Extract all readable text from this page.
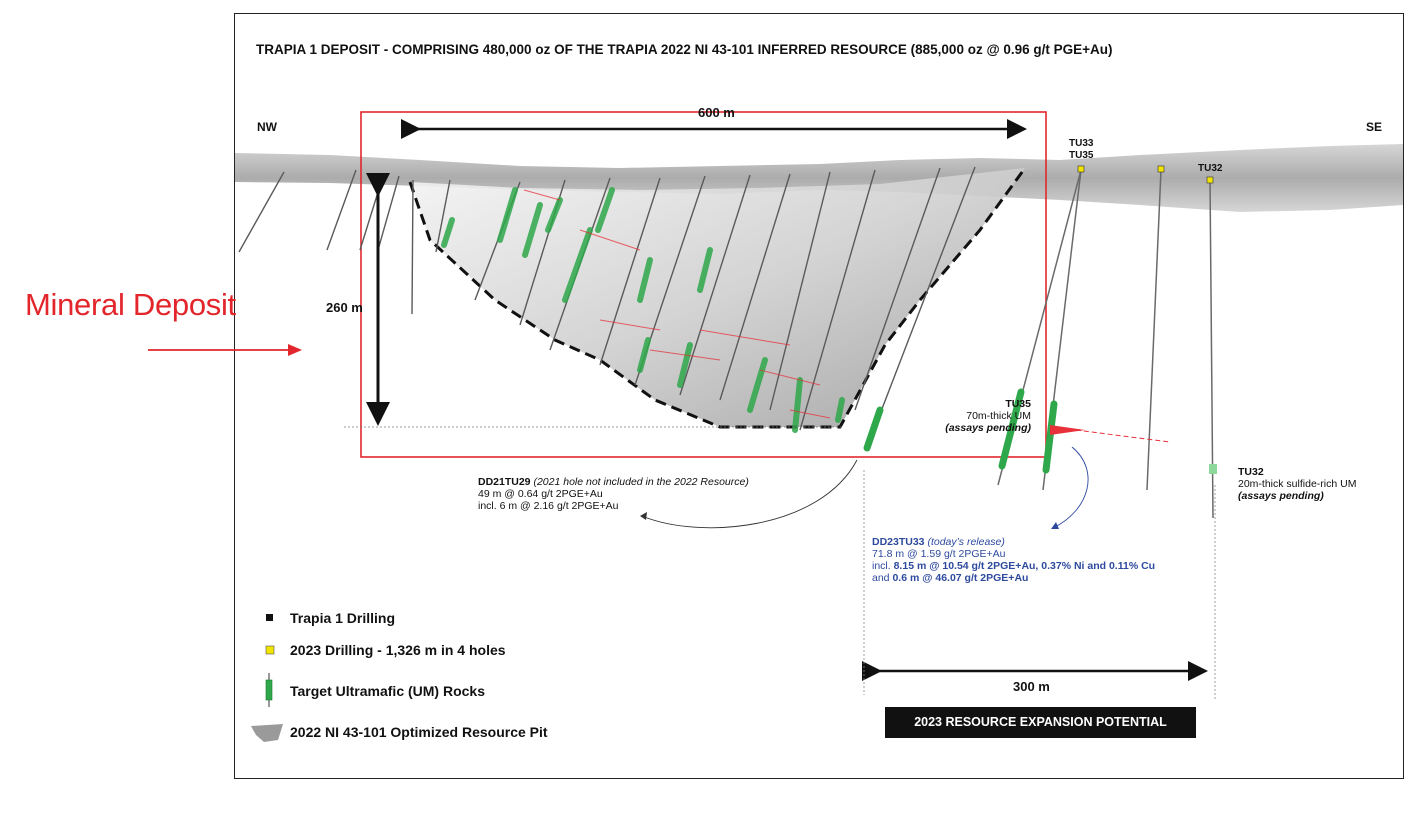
TRAPIA 1 DEPOSIT - COMPRISING 480,000 oz OF THE TRAPIA 2022 NI 43-101 INFERRED RESOURCE (885,000 oz @ 0.96 g/t PGE+Au)
NW	SE
Mineral Deposit
600 m
260 m
300 m
TU33
TU35
TU32
TU35
70m-thick UM
(assays pending)
TU32
20m-thick sulfide-rich UM
(assays pending)
DD21TU29 (2021 hole not included in the 2022 Resource)
49 m @ 0.64 g/t 2PGE+Au
incl. 6 m @ 2.16 g/t 2PGE+Au
DD23TU33 (today’s release)
71.8 m @ 1.59 g/t 2PGE+Au
incl. 8.15 m @ 10.54 g/t 2PGE+Au, 0.37% Ni and 0.11% Cu
and 0.6 m @ 46.07 g/t 2PGE+Au
Trapia 1 Drilling
2023 Drilling - 1,326 m in 4 holes
Target Ultramafic (UM) Rocks
2022 NI 43-101 Optimized Resource Pit
2023 RESOURCE EXPANSION POTENTIAL
